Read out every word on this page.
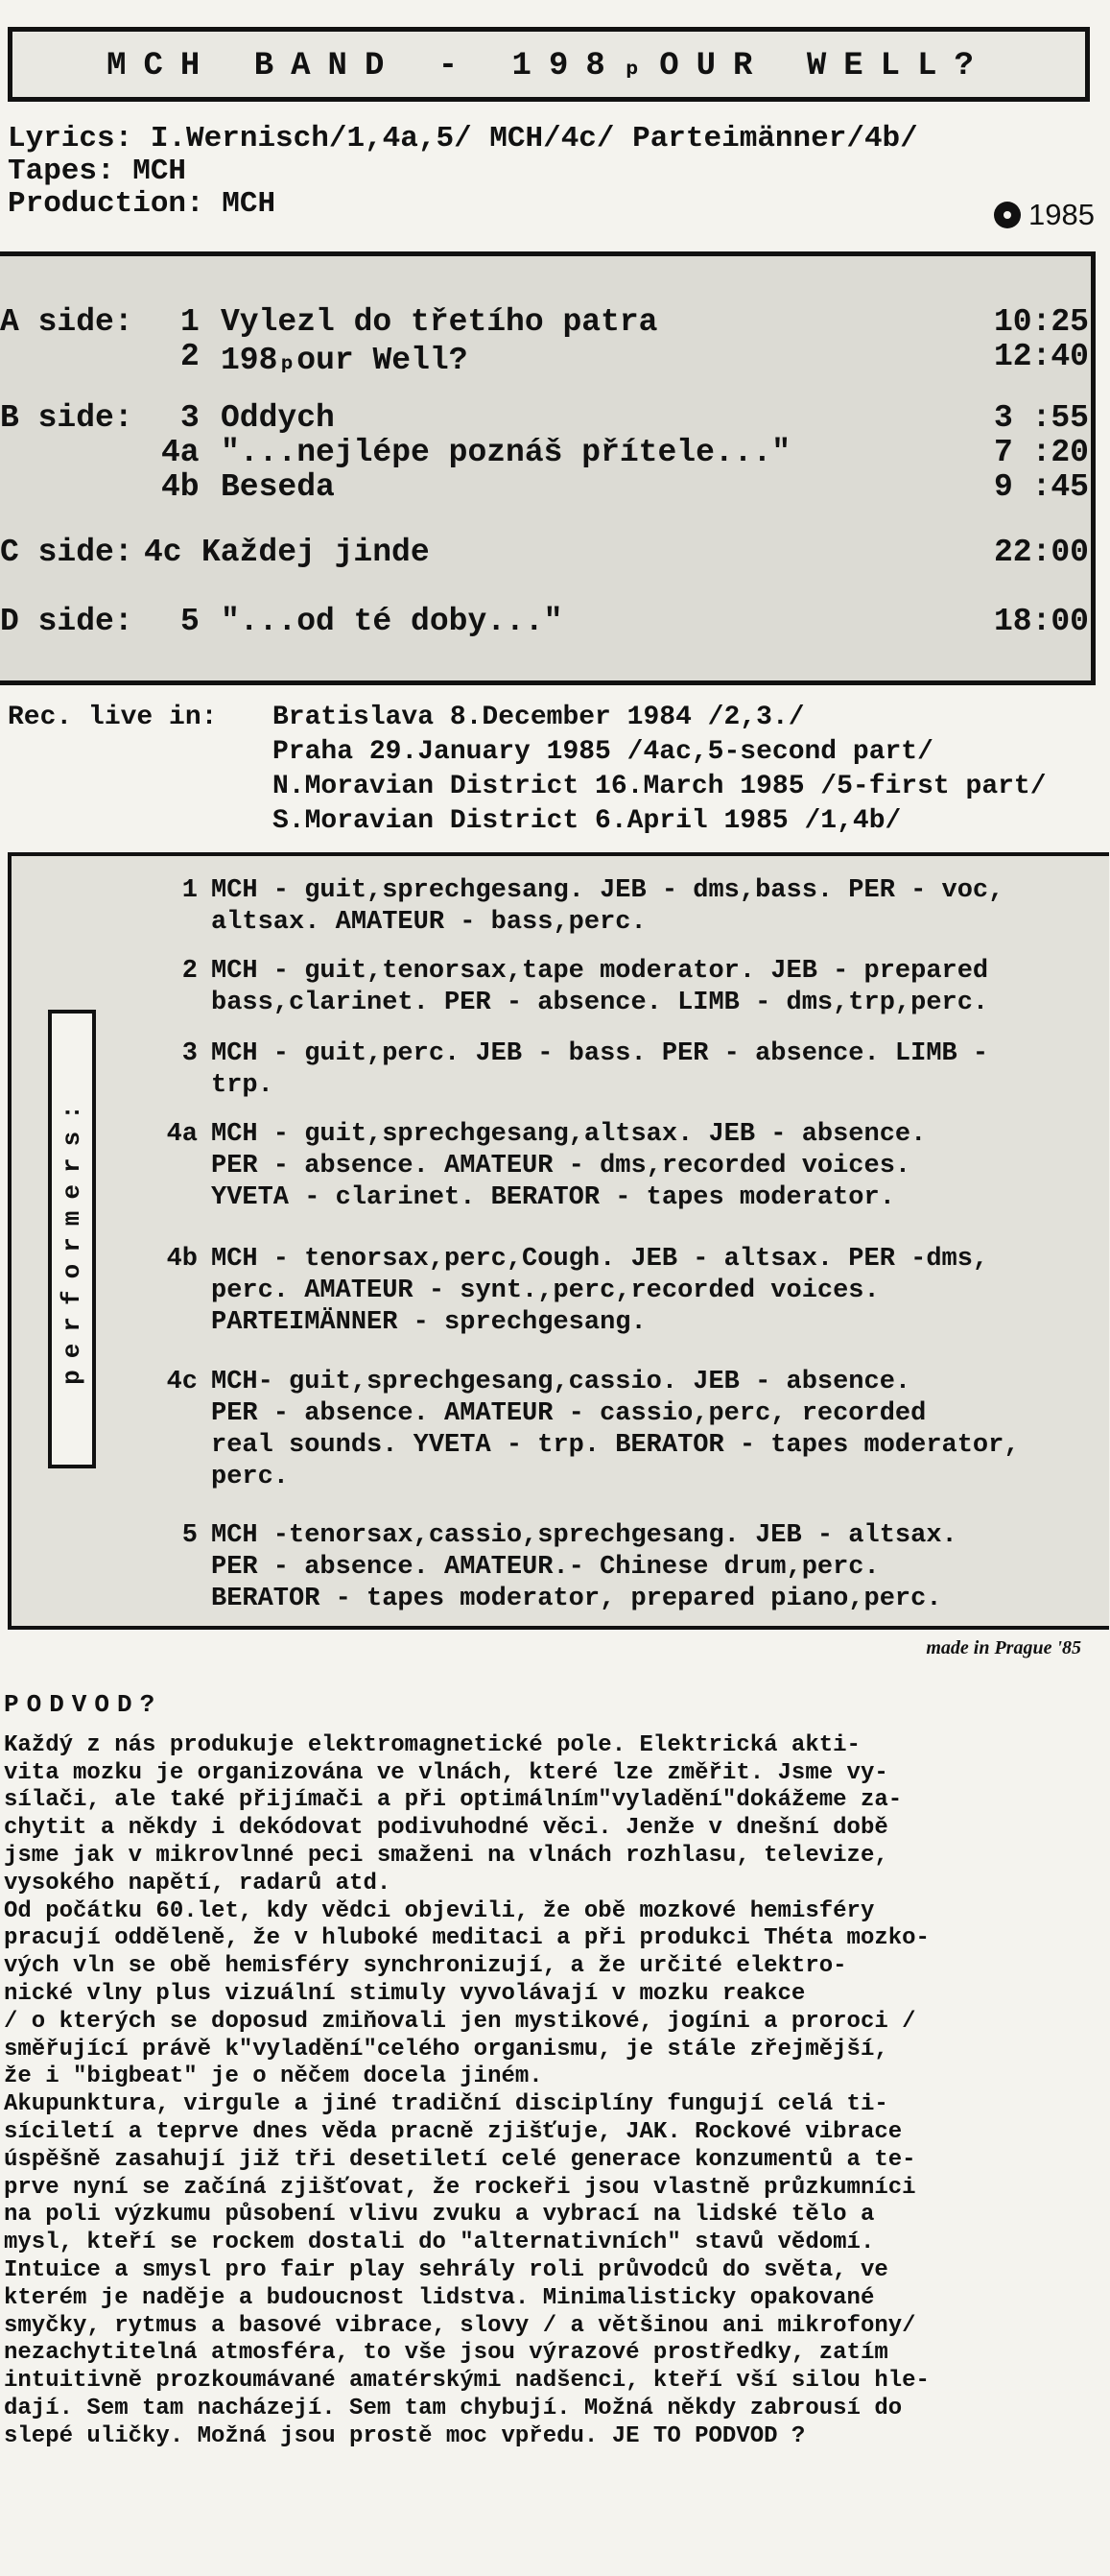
MCH BAND - 198ₚOUR WELL?
Lyrics: I.Wernisch/1,4a,5/ MCH/4c/ Parteimänner/4b/
Tapes: MCH
Production: MCH	1985
A side: 1 Vylezl do třetího patra	10:25
2 198ₚour Well?	12:40
B side: 3 Oddych	3 :55
4a "...nejlépe poznáš přítele..."	7 :20
4b Beseda	9 :45
C side: 4c Každej jinde	22:00
D side: 5 "...od té doby..."	18:00
Rec. live in: Bratislava 8.December 1984 /2,3./
Praha 29.January 1985 /4ac,5-second part/
N.Moravian District 16.March 1985 /5-first part/
S.Moravian District 6.April 1985 /1,4b/
performers:
1 MCH - guit,sprechgesang. JEB - dms,bass. PER - voc,
altsax. AMATEUR - bass,perc.
2 MCH - guit,tenorsax,tape moderator. JEB - prepared
bass,clarinet. PER - absence. LIMB - dms,trp,perc.
3 MCH - guit,perc. JEB - bass. PER - absence. LIMB -
trp.
4a MCH - guit,sprechgesang,altsax. JEB - absence.
PER - absence. AMATEUR - dms,recorded voices.
YVETA - clarinet. BERATOR - tapes moderator.
4b MCH - tenorsax,perc,Cough. JEB - altsax. PER -dms,
perc. AMATEUR - synt.,perc,recorded voices.
PARTEIMÄNNER - sprechgesang.
4c MCH- guit,sprechgesang,cassio. JEB - absence.
PER - absence. AMATEUR - cassio,perc, recorded
real sounds. YVETA - trp. BERATOR - tapes moderator,
perc.
5 MCH -tenorsax,cassio,sprechgesang. JEB - altsax.
PER - absence. AMATEUR.- Chinese drum,perc.
BERATOR - tapes moderator, prepared piano,perc.
made in Prague '85
PODVOD?
Každý z nás produkuje elektromagnetické pole. Elektrická akti-
vita mozku je organizována ve vlnách, které lze změřit. Jsme vy-
sílači, ale také přijímači a při optimálním"vyladění"dokážeme za-
chytit a někdy i dekódovat podivuhodné věci. Jenže v dnešní době
jsme jak v mikrovlnné peci smaženi na vlnách rozhlasu, televize,
vysokého napětí, radarů atd.
Od počátku 60.let, kdy vědci objevili, že obě mozkové hemisféry
pracují odděleně, že v hluboké meditaci a při produkci Théta mozko-
vých vln se obě hemisféry synchronizují, a že určité elektro-
nické vlny plus vizuální stimuly vyvolávají v mozku reakce
/ o kterých se doposud zmiňovali jen mystikové, jogíni a proroci /
směřující právě k"vyladění"celého organismu, je stále zřejmější,
že i "bigbeat" je o něčem docela jiném.
Akupunktura, virgule a jiné tradiční disciplíny fungují celá ti-
síciletí a teprve dnes věda pracně zjišťuje, JAK. Rockové vibrace
úspěšně zasahují již tři desetiletí celé generace konzumentů a te-
prve nyní se začíná zjišťovat, že rockeři jsou vlastně průzkumníci
na poli výzkumu působení vlivu zvuku a vybrací na lidské tělo a
mysl, kteří se rockem dostali do "alternativních" stavů vědomí.
Intuice a smysl pro fair play sehrály roli průvodců do světa, ve
kterém je naděje a budoucnost lidstva. Minimalisticky opakované
smyčky, rytmus a basové vibrace, slovy / a většinou ani mikrofony/
nezachytitelná atmosféra, to vše jsou výrazové prostředky, zatím
intuitivně prozkoumávané amatérskými nadšenci, kteří vší silou hle-
dají. Sem tam nacházejí. Sem tam chybují. Možná někdy zabrousí do
slepé uličky. Možná jsou prostě moc vpředu. JE TO PODVOD ?
